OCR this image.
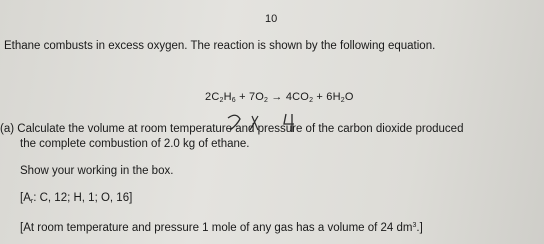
10
Ethane combusts in excess oxygen. The reaction is shown by the following equation.
$2C_2H_6 + 7O_2 \to 4CO_2 + 6H_2O$
(a) Calculate the volume at room temperature and pressure of the carbon dioxide produced
the complete combustion of 2.0 kg of ethane.
Show your working in the box.
[$A_r$: C, 12; H, 1; O, 16]
[At room temperature and pressure 1 mole of any gas has a volume of 24 $dm^3$.]
